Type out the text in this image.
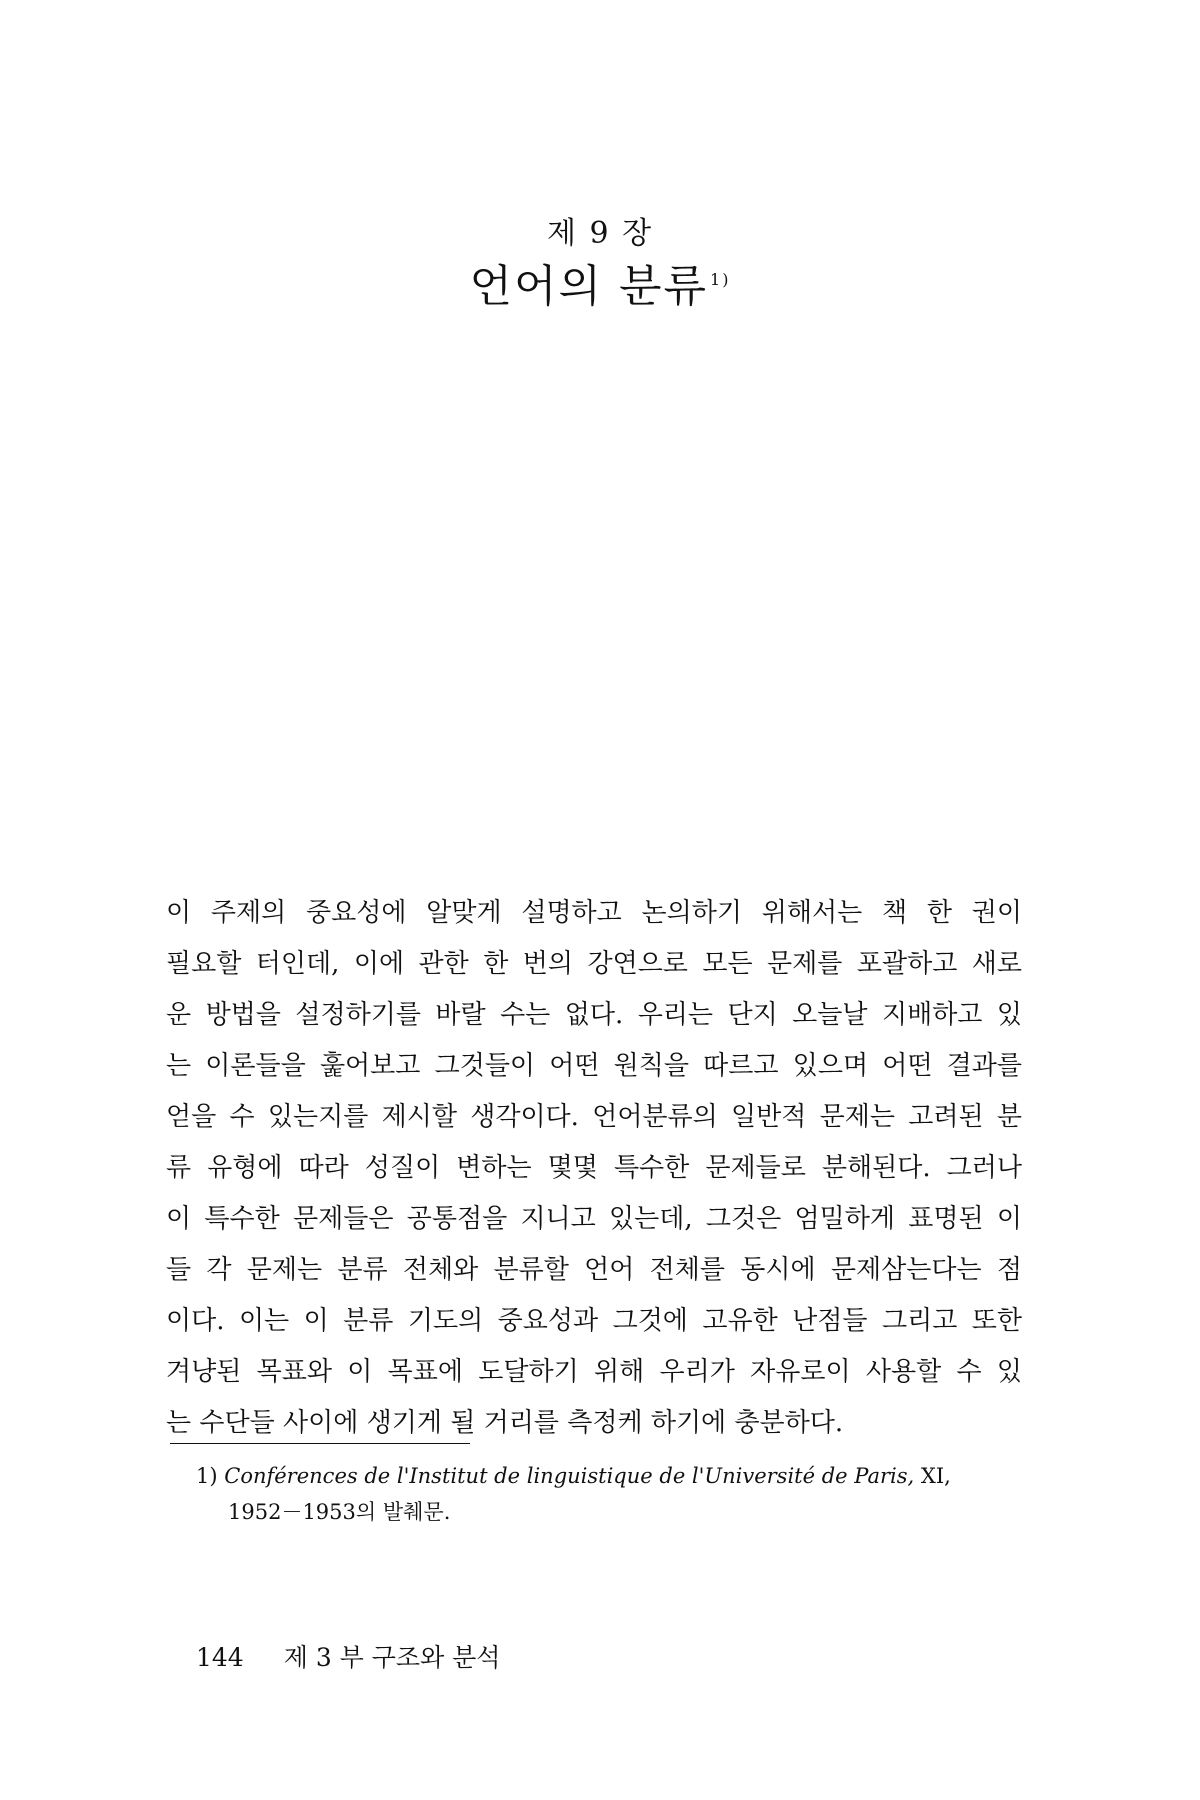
제 9 장
언어의 분류 $^{1)}$
이 주제의 중요성에 알맞게 설명하고 논의하기 위해서는 책 한 권이
필요할 터인데, 이에 관한 한 번의 강연으로 모든 문제를 포괄하고 새로
운 방법을 설정하기를 바랄 수는 없다. 우리는 단지 오늘날 지배하고 있
는 이론들을 훑어보고 그것들이 어떤 원칙을 따르고 있으며 어떤 결과를
얻을 수 있는지를 제시할 생각이다. 언어분류의 일반적 문제는 고려된 분
류 유형에 따라 성질이 변하는 몇몇 특수한 문제들로 분해된다. 그러나
이 특수한 문제들은 공통점을 지니고 있는데, 그것은 엄밀하게 표명된 이
들 각 문제는 분류 전체와 분류할 언어 전체를 동시에 문제삼는다는 점
이다. 이는 이 분류 기도의 중요성과 그것에 고유한 난점들 그리고 또한
겨냥된 목표와 이 목표에 도달하기 위해 우리가 자유로이 사용할 수 있
는 수단들 사이에 생기게 될 거리를 측정케 하기에 충분하다.
1) Conférences de l'Institut de linguistique de l'Université de Paris, XI,
1952－1953의 발췌문.
144 제 3 부 구조와 분석
